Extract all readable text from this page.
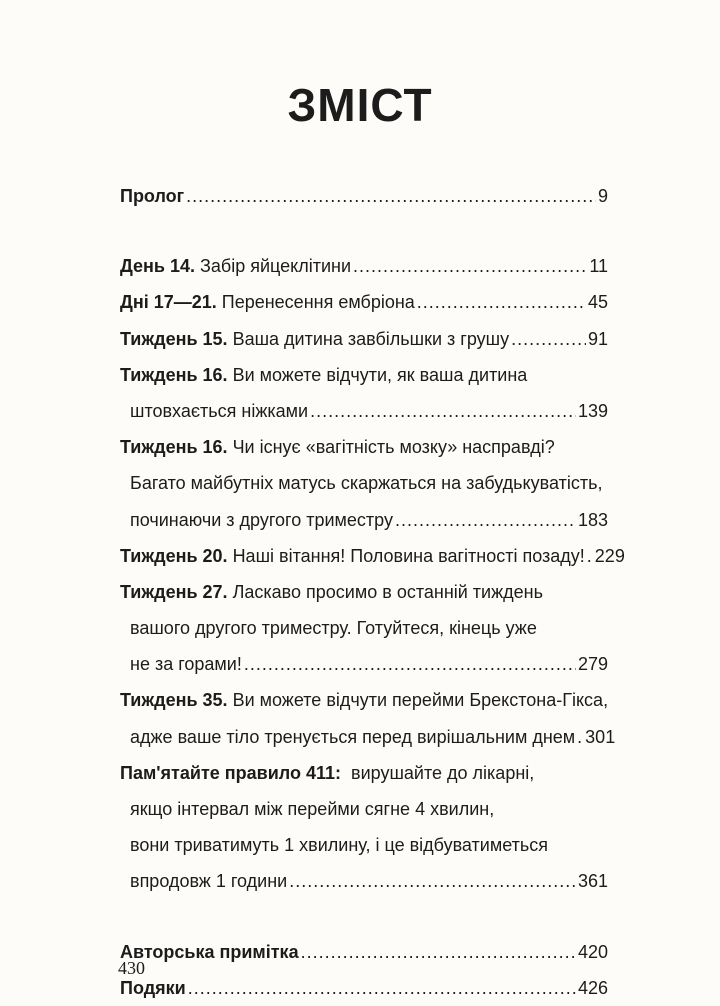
ЗМІСТ
Пролог .....	9
День 14.
Забір яйцеклітини .....	11
Дні 17—21.
Перенесення ембріона .....	45
Тиждень 15.
Ваша дитина завбільшки з грушу .....	91
Тиждень 16.
Ви можете відчути, як ваша дитина
штовхається ніжками .....	139
Тиждень 16.
Чи існує «вагітність мозку» насправді?
Багато майбутніх матусь скаржаться на забудькуватість,
починаючи з другого триместру .....	183
Тиждень 20.
Наші вітання! Половина вагітності позаду! ..... 229
Тиждень 27.
Ласкаво просимо в останній тиждень
вашого другого триместру. Готуйтеся, кінець уже
не за горами! .....	279
Тиждень 35.
Ви можете відчути перейми Брекстона-Гікса,
адже ваше тіло тренується перед вирішальним днем ..... 301
Пам'ятайте правило 411:
вирушайте до лікарні,
якщо інтервал між перейми сягне 4 хвилин,
вони триватимуть 1 хвилину, і це відбуватиметься
впродовж 1 години .....	361
Авторська примітка .....	420
Подяки .....	426
430
